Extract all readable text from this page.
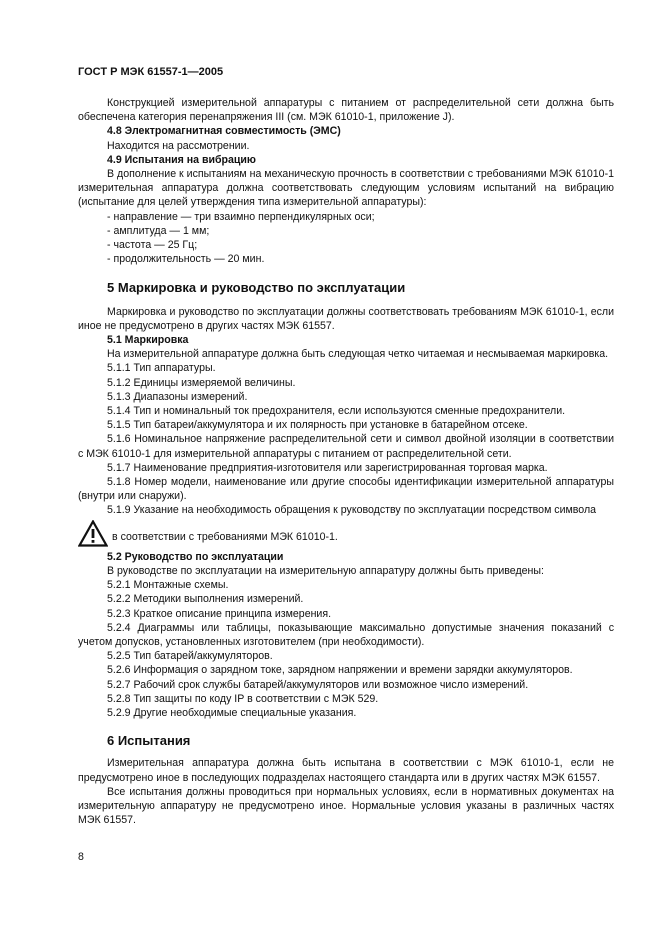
ГОСТ Р МЭК 61557-1—2005

Конструкцией измерительной аппаратуры с питанием от распределительной сети должна быть обеспечена категория перенапряжения III (см. МЭК 61010-1, приложение J).

4.8 Электромагнитная совместимость (ЭМС)

Находится на рассмотрении.

4.9 Испытания на вибрацию

В дополнение к испытаниям на механическую прочность в соответствии с требованиями МЭК 61010-1 измерительная аппаратура должна соответствовать следующим условиям испытаний на вибрацию (испытание для целей утверждения типа измерительной аппаратуры):

- направление — три взаимно перпендикулярных оси;
- амплитуда — 1 мм;
- частота — 25 Гц;
- продолжительность — 20 мин.
5 Маркировка и руководство по эксплуатации

Маркировка и руководство по эксплуатации должны соответствовать требованиям МЭК 61010-1, если иное не предусмотрено в других частях МЭК 61557.

5.1 Маркировка

На измерительной аппаратуре должна быть следующая четко читаемая и несмываемая маркировка.

5.1.1 Тип аппаратуры.

5.1.2 Единицы измеряемой величины.

5.1.3 Диапазоны измерений.

5.1.4 Тип и номинальный ток предохранителя, если используются сменные предохранители.

5.1.5 Тип батареи/аккумулятора и их полярность при установке в батарейном отсеке.

5.1.6 Номинальное напряжение распределительной сети и символ двойной изоляции в соответствии с МЭК 61010-1 для измерительной аппаратуры с питанием от распределительной сети.

5.1.7 Наименование предприятия-изготовителя или зарегистрированная торговая марка.

5.1.8 Номер модели, наименование или другие способы идентификации измерительной аппаратуры (внутри или снаружи).

5.1.9 Указание на необходимость обращения к руководству по эксплуатации посредством символа

в соответствии с требованиями МЭК 61010-1.

5.2 Руководство по эксплуатации

В руководстве по эксплуатации на измерительную аппаратуру должны быть приведены:

5.2.1 Монтажные схемы.

5.2.2 Методики выполнения измерений.

5.2.3 Краткое описание принципа измерения.

5.2.4 Диаграммы или таблицы, показывающие максимально допустимые значения показаний с учетом допусков, установленных изготовителем (при необходимости).

5.2.5 Тип батарей/аккумуляторов.

5.2.6 Информация о зарядном токе, зарядном напряжении и времени зарядки аккумуляторов.

5.2.7 Рабочий срок службы батарей/аккумуляторов или возможное число измерений.

5.2.8 Тип защиты по коду IP в соответствии с МЭК 529.

5.2.9 Другие необходимые специальные указания.

6 Испытания

Измерительная аппаратура должна быть испытана в соответствии с МЭК 61010-1, если не предусмотрено иное в последующих подразделах настоящего стандарта или в других частях МЭК 61557.

Все испытания должны проводиться при нормальных условиях, если в нормативных документах на измерительную аппаратуру не предусмотрено иное. Нормальные условия указаны в различных частях МЭК 61557.

8
